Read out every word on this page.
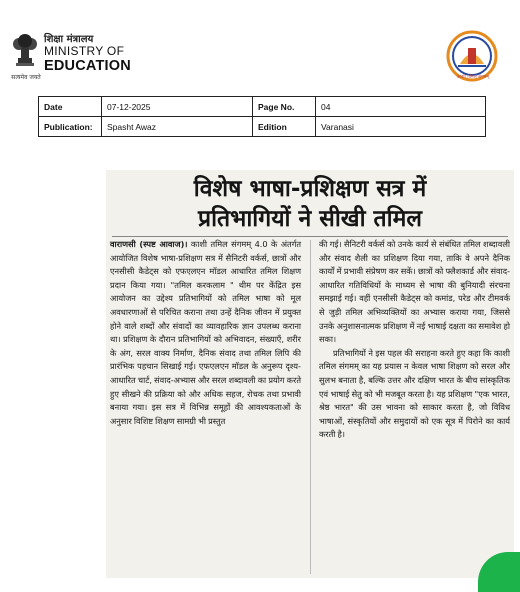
सत्यमेव जयते
शिक्षा मंत्रालय
MINISTRY OF
EDUCATION
काशी तमिल संगमम्
Date	07-12-2025	Page No.	04
Publication:	Spasht Awaz	Edition	Varanasi
विशेष भाषा-प्रशिक्षण सत्र में
प्रतिभागियों ने सीखी तमिल

वाराणसी (स्पष्ट आवाज)। काशी तमिल संगमम् 4.0 के अंतर्गत आयोजित विशेष भाषा-प्रशिक्षण सत्र में सैनिटरी वर्कर्स, छात्रों और एनसीसी कैडेट्स को एफएलएन मॉडल आधारित तमिल शिक्षण प्रदान किया गया। "तमिल करकलाम " थीम पर केंद्रित इस आयोजन का उद्देश्य प्रतिभागियों को तमिल भाषा को मूल अवधारणाओं से परिचित कराना तथा उन्हें दैनिक जीवन में प्रयुक्त होने वाले शब्दों और संवादों का व्यावहारिक ज्ञान उपलब्ध कराना था। प्रशिक्षण के दौरान प्रतिभागियों को अभिवादन, संख्याएँ, शरीर के अंग, सरल वाक्य निर्माण, दैनिक संवाद तथा तमिल लिपि की प्रारंभिक पहचान सिखाई गई। एफएलएन मॉडल के अनुरूप दृश्य-आधारित चार्ट, संवाद-अभ्यास और सरल शब्दावली का प्रयोग करते हुए सीखने की प्रक्रिया को और अधिक सहज, रोचक तथा प्रभावी बनाया गया। इस सत्र में विभिन्न समूहों की आवश्यकताओं के अनुसार विशिष्ट शिक्षण सामग्री भी प्रस्तुत

की गई। सैनिटरी वर्कर्स को उनके कार्य से संबंधित तमिल शब्दावली और संवाद शैली का प्रशिक्षण दिया गया, ताकि वे अपने दैनिक कार्यों में प्रभावी संप्रेषण कर सकें। छात्रों को फ्लैशकार्ड और संवाद-आधारित गतिविधियों के माध्यम से भाषा की बुनियादी संरचना समझाई गई। वहीं एनसीसी कैडेट्स को कमांड, परेड और टीमवर्क से जुड़ी तमिल अभिव्यक्तियों का अभ्यास कराया गया, जिससे उनके अनुशासनात्मक प्रशिक्षण में नई भाषाई दक्षता का समावेश हो सका।

प्रतिभागियों ने इस पहल की सराहना करते हुए कहा कि काशी तमिल संगमम् का यह प्रयास न केवल भाषा शिक्षण को सरल और सुलभ बनाता है, बल्कि उत्तर और दक्षिण भारत के बीच सांस्कृतिक एवं भाषाई सेतु को भी मजबूत करता है। यह प्रशिक्षण "एक भारत, श्रेष्ठ भारत" की उस भावना को साकार करता है, जो विविध भाषाओं, संस्कृतियों और समुदायों को एक सूत्र में पिरोने का कार्य करती है।
